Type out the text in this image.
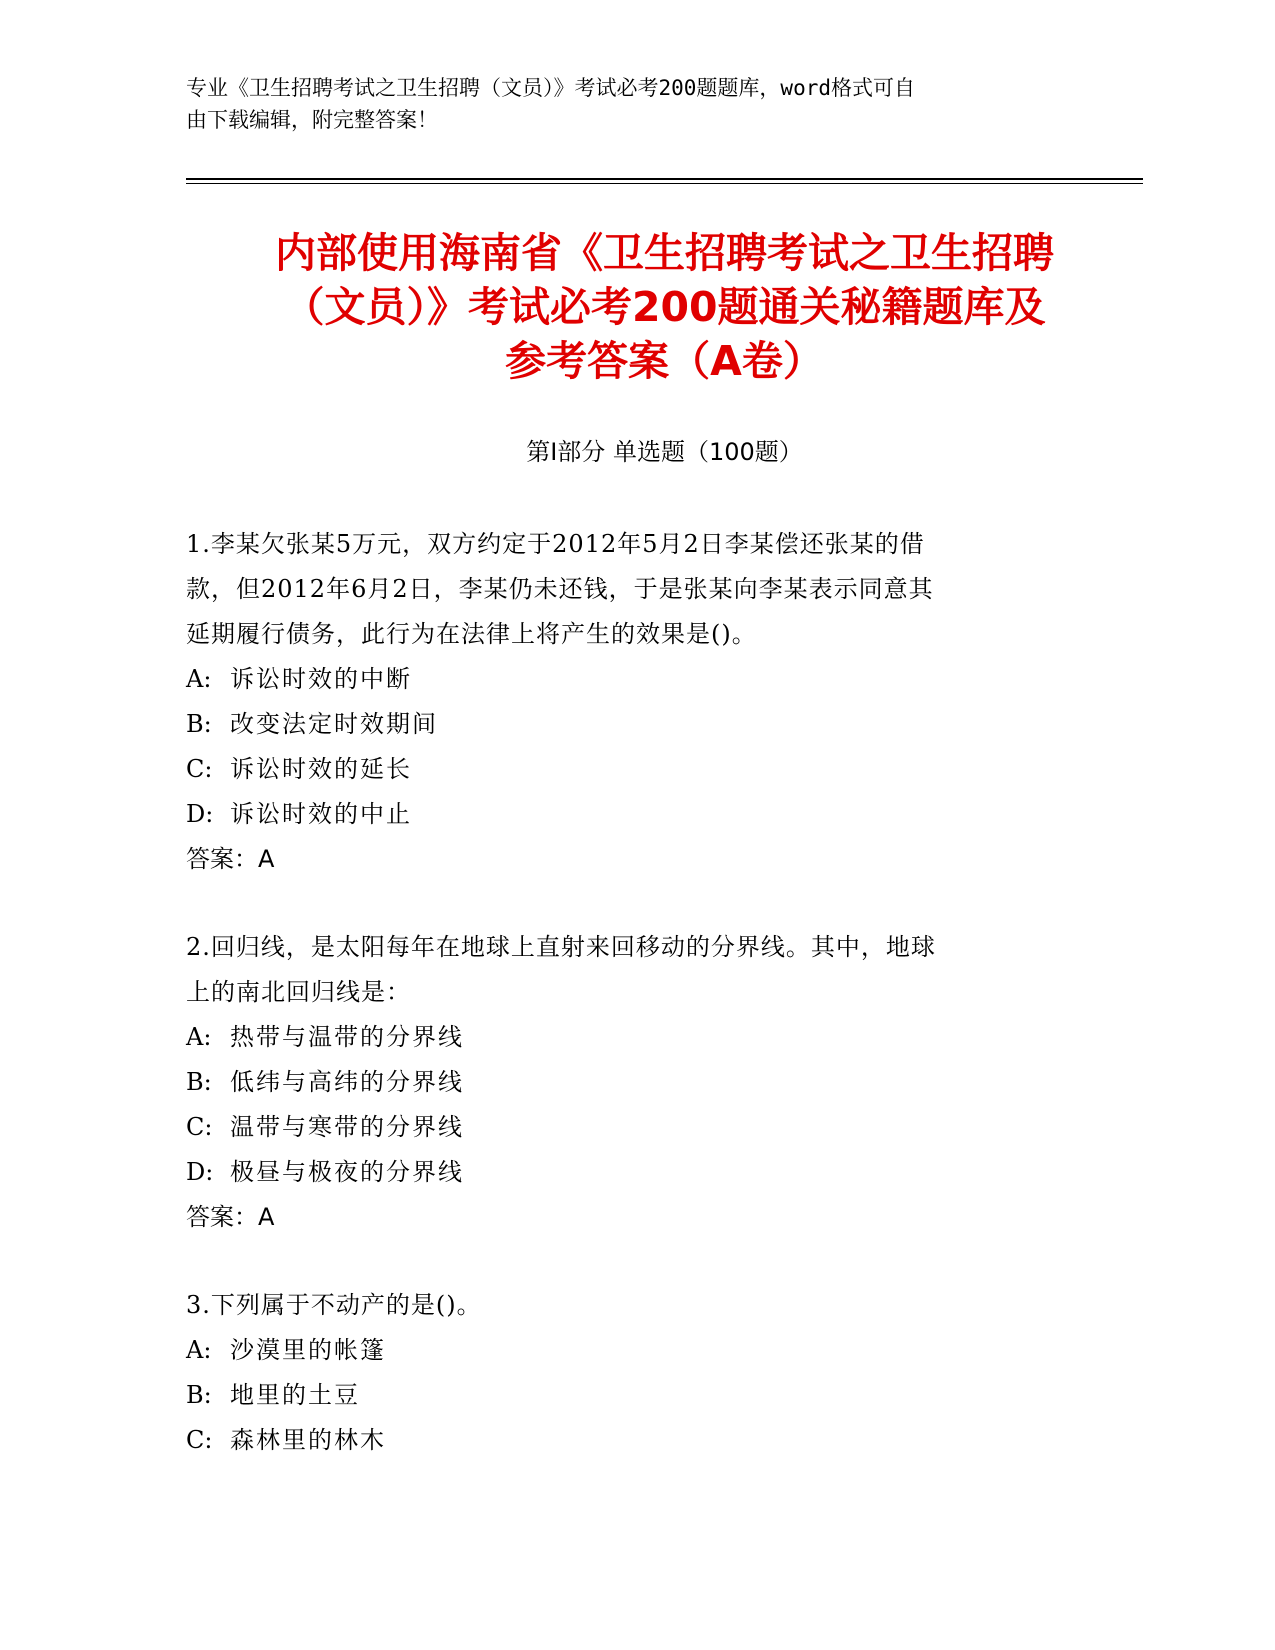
专业《卫生招聘考试之卫生招聘（文员）》考试必考200题题库，word格式可自
由下载编辑，附完整答案！
内部使用海南省《卫生招聘考试之卫生招聘
（文员）》考试必考200题通关秘籍题库及
参考答案（A卷）
第I部分 单选题（100题）
1.李某欠张某5万元，双方约定于2012年5月2日李某偿还张某的借
款，但2012年6月2日，李某仍未还钱，于是张某向李某表示同意其
延期履行债务，此行为在法律上将产生的效果是()。
A: 诉讼时效的中断
B: 改变法定时效期间
C: 诉讼时效的延长
D: 诉讼时效的中止
答案：A
2.回归线，是太阳每年在地球上直射来回移动的分界线。其中，地球
上的南北回归线是：
A: 热带与温带的分界线
B: 低纬与高纬的分界线
C: 温带与寒带的分界线
D: 极昼与极夜的分界线
答案：A
3.下列属于不动产的是()。
A: 沙漠里的帐篷
B: 地里的土豆
C: 森林里的林木
